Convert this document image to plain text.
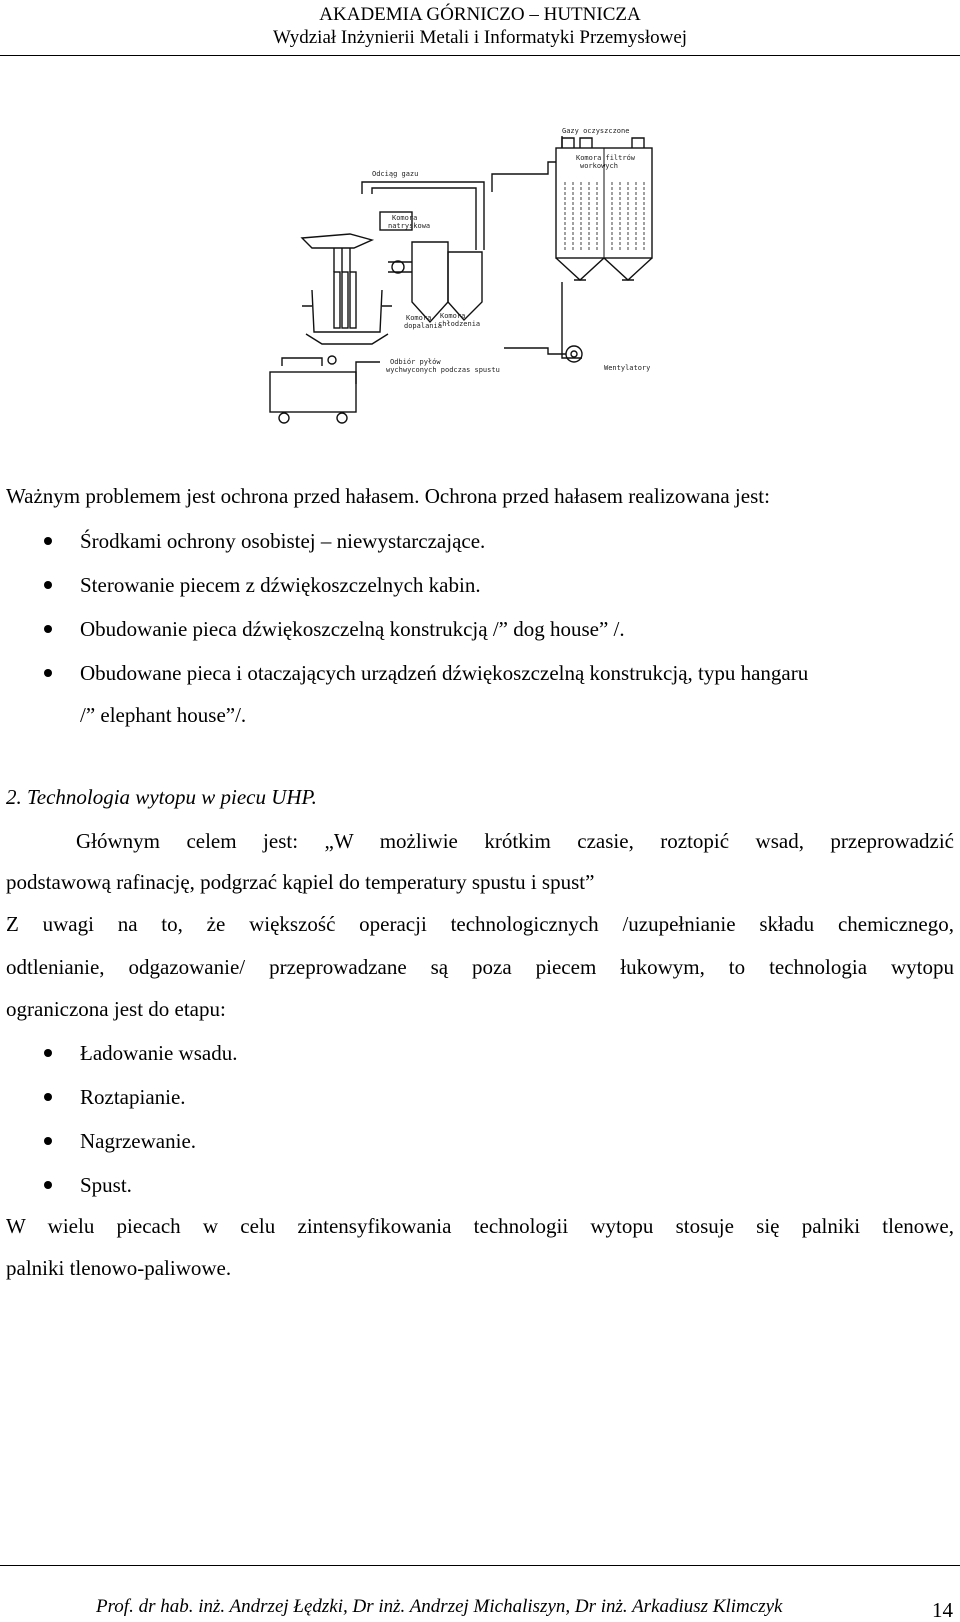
AKADEMIA GÓRNICZO – HUTNICZA
Wydział Inżynierii Metali i Informatyki Przemysłowej
Gazy oczyszczone
Komora filtrów
workowych
Odciąg gazu
Komora
natryskowa
Komora
dopalania
Komora
chłodzenia
Wentylatory
Odbiór pyłów
wychwyconych podczas spustu
Ważnym problemem jest ochrona przed hałasem. Ochrona przed hałasem realizowana jest:
Środkami ochrony osobistej – niewystarczające.
Sterowanie piecem z dźwiękoszczelnych kabin.
Obudowanie pieca dźwiękoszczelną konstrukcją /” dog house” /.
Obudowane pieca i otaczających urządzeń dźwiękoszczelną konstrukcją, typu hangaru
/” elephant house”/.
2. Technologia wytopu w piecu UHP.
Głównym celem jest: „W możliwie krótkim czasie, roztopić wsad, przeprowadzić
podstawową rafinację, podgrzać kąpiel do temperatury spustu i spust”
Z uwagi na to, że większość operacji technologicznych /uzupełnianie składu chemicznego,
odtlenianie, odgazowanie/ przeprowadzane są poza piecem łukowym, to technologia wytopu
ograniczona jest do etapu:
Ładowanie wsadu.
Roztapianie.
Nagrzewanie.
Spust.
W wielu piecach w celu zintensyfikowania technologii wytopu stosuje się palniki tlenowe,
palniki tlenowo-paliwowe.
Prof. dr hab. inż. Andrzej Łędzki, Dr inż. Andrzej Michaliszyn, Dr inż. Arkadiusz Klimczyk	14
